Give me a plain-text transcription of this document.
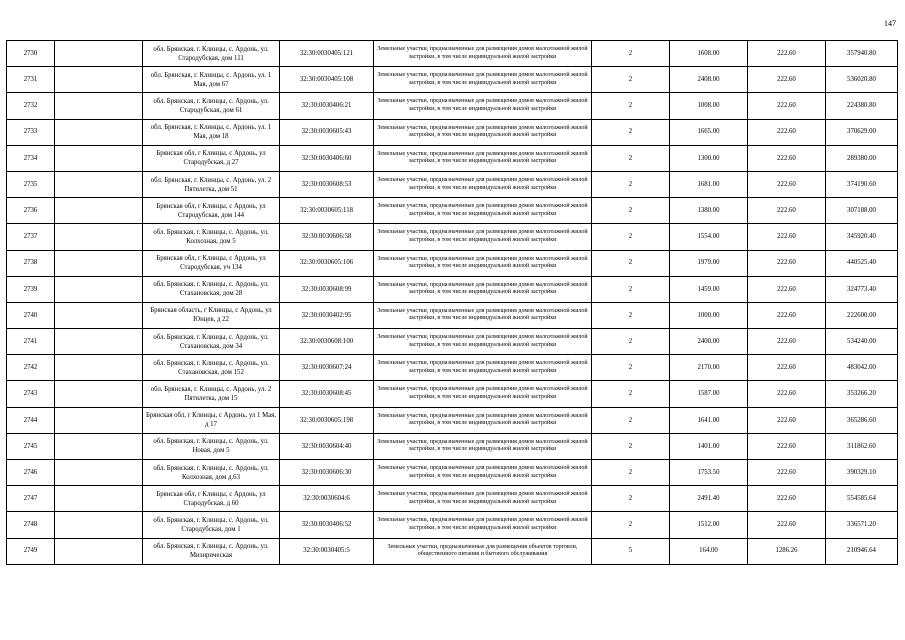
147
2730		обл. Брянская, г. Клинцы, с. Ардонь, ул. Стародубская, дом 111	32:30:0030405:121	Земельные участки, предназначенные для размещения домов малоэтажной жилой застройки, в том числе индивидуальной жилой застройки	2	1608.00	222.60	357940.80
2731		обл. Брянская, г. Клинцы, с. Ардонь, ул. 1 Мая, дом 67	32:30:0030405:108	Земельные участки, предназначенные для размещения домов малоэтажной жилой застройки, в том числе индивидуальной жилой застройки	2	2408.00	222.60	536020.80
2732		обл. Брянская, г. Клинцы, с. Ардонь, ул. Стародубская, дом 61	32:30:0030406:21	Земельные участки, предназначенные для размещения домов малоэтажной жилой застройки, в том числе индивидуальной жилой застройки	2	1008.00	222.60	224380.80
2733		обл. Брянская, г. Клинцы, с. Ардонь, ул. 1 Мая, дом 18	32:30:0030605:43	Земельные участки, предназначенные для размещения домов малоэтажной жилой застройки, в том числе индивидуальной жилой застройки	2	1665.00	222.60	370629.00
2734		Брянская обл, г Клинцы, с Ардонь, ул Стародубская, д 27	32:30:0030406:60	Земельные участки, предназначенные для размещения домов малоэтажной жилой застройки, в том числе индивидуальной жилой застройки	2	1300.00	222.60	289380.00
2735		обл. Брянская, г. Клинцы, с. Ардонь, ул. 2 Пятилетка, дом 51	32:30:0030608:53	Земельные участки, предназначенные для размещения домов малоэтажной жилой застройки, в том числе индивидуальной жилой застройки	2	1681.00	222.60	374190.60
2736		Брянская обл, г Клинцы, с Ардонь, ул Стародубская, дом 144	32:30:0030605:118	Земельные участки, предназначенные для размещения домов малоэтажной жилой застройки, в том числе индивидуальной жилой застройки	2	1380.00	222.60	307188.00
2737		обл. Брянская, г. Клинцы, с. Ардонь, ул. Колхозная, дом 5	32:30:0030606:58	Земельные участки, предназначенные для размещения домов малоэтажной жилой застройки, в том числе индивидуальной жилой застройки	2	1554.00	222.60	345920.40
2738		Брянская обл, г Клинцы, с Ардонь, ул Стародубская, уч 134	32:30:0030605:106	Земельные участки, предназначенные для размещения домов малоэтажной жилой застройки, в том числе индивидуальной жилой застройки	2	1979.00	222.60	440525.40
2739		обл. Брянская, г. Клинцы, с. Ардонь, ул. Стахановская, дом 28	32:30:0030608:99	Земельные участки, предназначенные для размещения домов малоэтажной жилой застройки, в том числе индивидуальной жилой застройки	2	1459.00	222.60	324773.40
2740		Брянская область, г Клинцы, с Ардонь, ул Юнцев, д 22	32:30:0030402:95	Земельные участки, предназначенные для размещения домов малоэтажной жилой застройки, в том числе индивидуальной жилой застройки	2	1000.00	222.60	222600.00
2741		обл. Брянская, г. Клинцы, с. Ардонь, ул. Стахановская, дом 34	32:30:0030608:100	Земельные участки, предназначенные для размещения домов малоэтажной жилой застройки, в том числе индивидуальной жилой застройки	2	2400.00	222.60	534240.00
2742		обл. Брянская, г. Клинцы, с. Ардонь, ул. Стахановская, дом 152	32:30:0030607:24	Земельные участки, предназначенные для размещения домов малоэтажной жилой застройки, в том числе индивидуальной жилой застройки	2	2170.00	222.60	483042.00
2743		обл. Брянская, г. Клинцы, с. Ардонь, ул. 2 Пятилетка, дом 15	32:30:0030608:45	Земельные участки, предназначенные для размещения домов малоэтажной жилой застройки, в том числе индивидуальной жилой застройки	2	1587.00	222.60	353266.20
2744		Брянская обл, г Клинцы, с Ардонь, ул 1 Мая, д 17	32:30:0030605:198	Земельные участки, предназначенные для размещения домов малоэтажной жилой застройки, в том числе индивидуальной жилой застройки	2	1641.00	222.60	365286.60
2745		обл. Брянская, г. Клинцы, с. Ардонь, ул. Новая, дом 5	32:30:0030604:40	Земельные участки, предназначенные для размещения домов малоэтажной жилой застройки, в том числе индивидуальной жилой застройки	2	1401.00	222.60	311862.60
2746		обл. Брянская, г. Клинцы, с. Ардонь, ул. Колхозная, дом д.63	32:30:0030606:30	Земельные участки, предназначенные для размещения домов малоэтажной жилой застройки, в том числе индивидуальной жилой застройки	2	1753.50	222.60	390329.10
2747		Брянская обл, г Клинцы, с Ардонь, ул Стародубская, д 60	32:30:0030604:6	Земельные участки, предназначенные для размещения домов малоэтажной жилой застройки, в том числе индивидуальной жилой застройки	2	2491.40	222.60	554585.64
2748		обл. Брянская, г. Клинцы, с. Ардонь, ул. Стародубская, дом 1	32:30:0030406:52	Земельные участки, предназначенные для размещения домов малоэтажной жилой застройки, в том числе индивидуальной жилой застройки	2	1512.00	222.60	336571.20
2749		обл. Брянская, г. Клинцы, с. Ардонь, ул. Мизирическая	32:30:0030405:5	Земельные участки, предназначенные для размещения объектов торговли, общественного питания и бытового обслуживания	5	164.00	1286.26	210946.64
